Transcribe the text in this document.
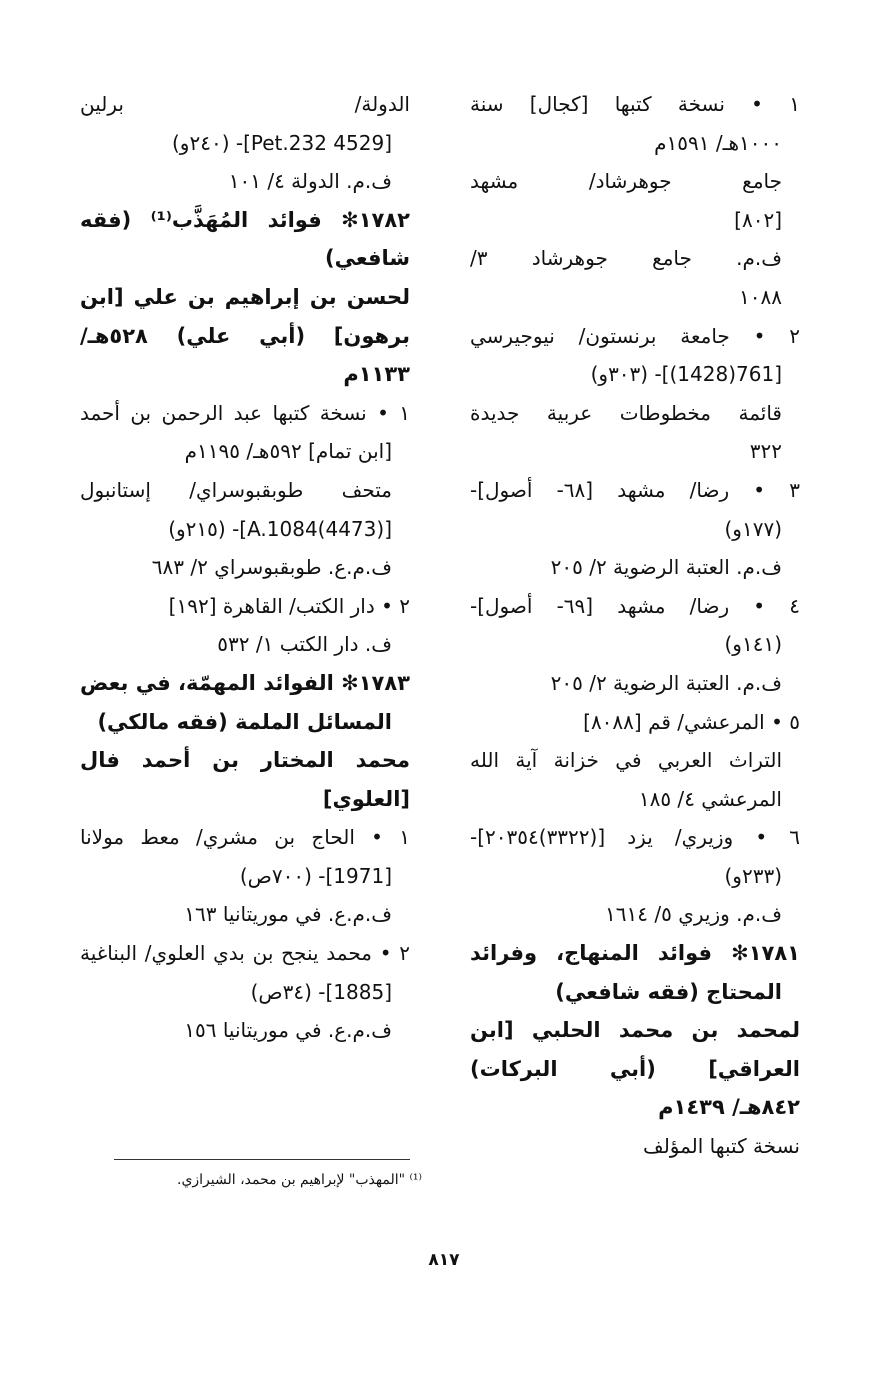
١ • نسخة كتبها [كجال] سنة
١٠٠٠هـ/ ١٥٩١م
جامع جوهرشاد/ مشهد
[٨٠٢]
ف.م. جامع جوهرشاد ٣/
١٠٨٨
٢ • جامعة برنستون/ نيوجيرسي
[761(1428)]- (٣٠٣و)
قائمة مخطوطات عربية جديدة
٣٢٢
٣ • رضا/ مشهد [٦٨- أصول]-
(١٧٧و)
ف.م. العتبة الرضوية ٢/ ٢٠٥
٤ • رضا/ مشهد [٦٩- أصول]-
(١٤١و)
ف.م. العتبة الرضوية ٢/ ٢٠٥
٥ • المرعشي/ قم [٨٠٨٨]
التراث العربي في خزانة آية الله
المرعشي ٤/ ١٨٥
٦ • وزيري/ يزد [(٣٣٢٢)٢٠٣٥٤]-
(٢٣٣و)
ف.م. وزيري ٥/ ١٦١٤
١٧٨١✻ فوائد المنهاج، وفرائد
المحتاج (فقه شافعي)
لمحمد بن محمد الحلبي [ابن
العراقي] (أبي البركات)
٨٤٢هـ/ ١٤٣٩م
نسخة كتبها المؤلف
الدولة/ برلين
[4529 Pet.232]- (٢٤٠و)
ف.م. الدولة ٤/ ١٠١
١٧٨٢✻ فوائد المُهَذَّب⁽¹⁾ (فقه
شافعي)
لحسن بن إبراهيم بن علي [ابن
برهون] (أبي علي) ٥٢٨هـ/
١١٣٣م
١ • نسخة كتبها عبد الرحمن بن أحمد
[ابن تمام] ٥٩٢هـ/ ١١٩٥م
متحف طوبقبوسراي/ إستانبول
[A.1084(4473)]- (٢١٥و)
ف.م.ع. طوبقبوسراي ٢/ ٦٨٣
٢ • دار الكتب/ القاهرة [١٩٢]
ف. دار الكتب ١/ ٥٣٢
١٧٨٣✻ الفوائد المهمّة، في بعض
المسائل الملمة (فقه مالكي)
محمد المختار بن أحمد فال
[العلوي]
١ • الحاج بن مشري/ معط مولانا
[1971]- (٧٠٠ص)
ف.م.ع. في موريتانيا ١٦٣
٢ • محمد ينجح بن بدي العلوي/ البناغية
[1885]- (٣٤ص)
ف.م.ع. في موريتانيا ١٥٦
⁽¹⁾ "المهذب" لإبراهيم بن محمد، الشيرازي.
٨١٧
